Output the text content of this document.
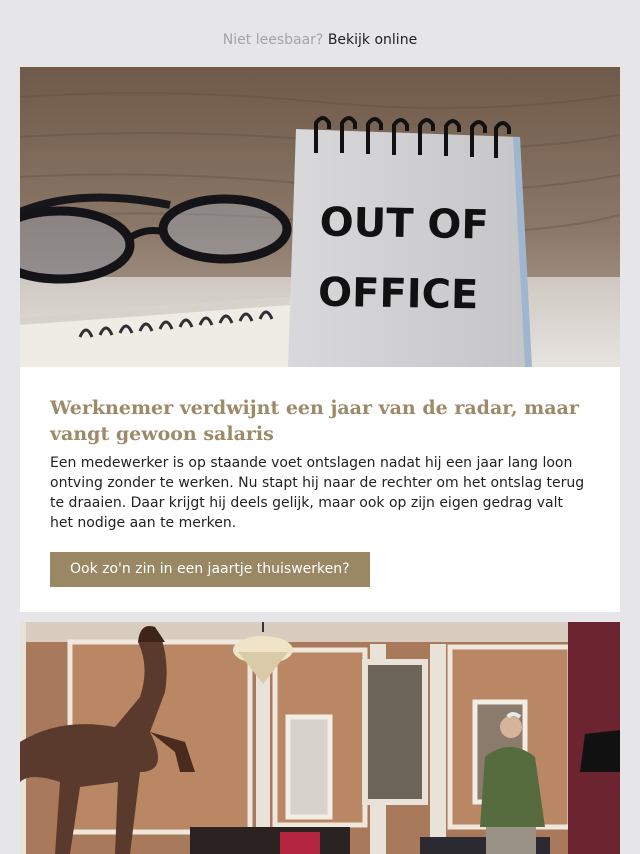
Niet leesbaar? Bekijk online
OUT OF
OFFICE
Werknemer verdwijnt een jaar van de radar, maar vangt gewoon salaris

Een medewerker is op staande voet ontslagen nadat hij een jaar lang loon ontving zonder te werken. Nu stapt hij naar de rechter om het ontslag terug te draaien. Daar krijgt hij deels gelijk, maar ook op zijn eigen gedrag valt het nodige aan te merken.

Ook zo'n zin in een jaartje thuiswerken?
